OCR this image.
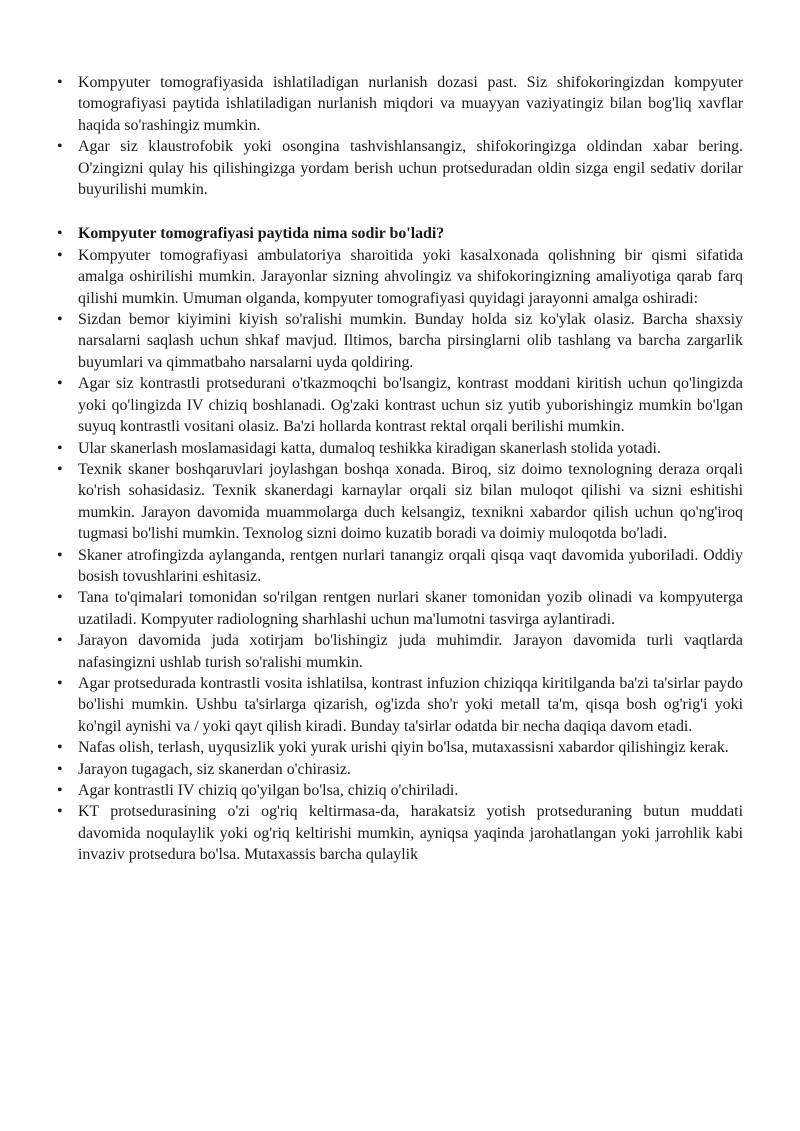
• Kompyuter tomografiyasida ishlatiladigan nurlanish dozasi past. Siz shifokoringizdan kompyuter tomografiyasi paytida ishlatiladigan nurlanish miqdori va muayyan vaziyatingiz bilan bog'liq xavflar haqida so'rashingiz mumkin.
• Agar siz klaustrofobik yoki osongina tashvishlansangiz, shifokoringizga oldindan xabar bering. O'zingizni qulay his qilishingizga yordam berish uchun protseduradan oldin sizga engil sedativ dorilar buyurilishi mumkin.
• Kompyuter tomografiyasi paytida nima sodir bo'ladi?
• Kompyuter tomografiyasi ambulatoriya sharoitida yoki kasalxonada qolishning bir qismi sifatida amalga oshirilishi mumkin. Jarayonlar sizning ahvolingiz va shifokoringizning amaliyotiga qarab farq qilishi mumkin. Umuman olganda, kompyuter tomografiyasi quyidagi jarayonni amalga oshiradi:
• Sizdan bemor kiyimini kiyish so'ralishi mumkin. Bunday holda siz ko'ylak olasiz. Barcha shaxsiy narsalarni saqlash uchun shkaf mavjud. Iltimos, barcha pirsinglarni olib tashlang va barcha zargarlik buyumlari va qimmatbaho narsalarni uyda qoldiring.
• Agar siz kontrastli protsedurani o'tkazmoqchi bo'lsangiz, kontrast moddani kiritish uchun qo'lingizda yoki qo'lingizda IV chiziq boshlanadi. Og'zaki kontrast uchun siz yutib yuborishingiz mumkin bo'lgan suyuq kontrastli vositani olasiz. Ba'zi hollarda kontrast rektal orqali berilishi mumkin.
• Ular skanerlash moslamasidagi katta, dumaloq teshikka kiradigan skanerlash stolida yotadi.
• Texnik skaner boshqaruvlari joylashgan boshqa xonada. Biroq, siz doimo texnologning deraza orqali ko'rish sohasidasiz. Texnik skanerdagi karnaylar orqali siz bilan muloqot qilishi va sizni eshitishi mumkin. Jarayon davomida muammolarga duch kelsangiz, texnikni xabardor qilish uchun qo'ng'iroq tugmasi bo'lishi mumkin. Texnolog sizni doimo kuzatib boradi va doimiy muloqotda bo'ladi.
• Skaner atrofingizda aylanganda, rentgen nurlari tanangiz orqali qisqa vaqt davomida yuboriladi. Oddiy bosish tovushlarini eshitasiz.
• Tana to'qimalari tomonidan so'rilgan rentgen nurlari skaner tomonidan yozib olinadi va kompyuterga uzatiladi. Kompyuter radiologning sharhlashi uchun ma'lumotni tasvirga aylantiradi.
• Jarayon davomida juda xotirjam bo'lishingiz juda muhimdir. Jarayon davomida turli vaqtlarda nafasingizni ushlab turish so'ralishi mumkin.
• Agar protsedurada kontrastli vosita ishlatilsa, kontrast infuzion chiziqqa kiritilganda ba'zi ta'sirlar paydo bo'lishi mumkin. Ushbu ta'sirlarga qizarish, og'izda sho'r yoki metall ta'm, qisqa bosh og'rig'i yoki ko'ngil aynishi va / yoki qayt qilish kiradi. Bunday ta'sirlar odatda bir necha daqiqa davom etadi.
• Nafas olish, terlash, uyqusizlik yoki yurak urishi qiyin bo'lsa, mutaxassisni xabardor qilishingiz kerak.
• Jarayon tugagach, siz skanerdan o'chirasiz.
• Agar kontrastli IV chiziq qo'yilgan bo'lsa, chiziq o'chiriladi.
• KT protsedurasining o'zi og'riq keltirmasa-da, harakatsiz yotish protseduraning butun muddati davomida noqulaylik yoki og'riq keltirishi mumkin, ayniqsa yaqinda jarohatlangan yoki jarrohlik kabi invaziv protsedura bo'lsa. Mutaxassis barcha qulaylik
